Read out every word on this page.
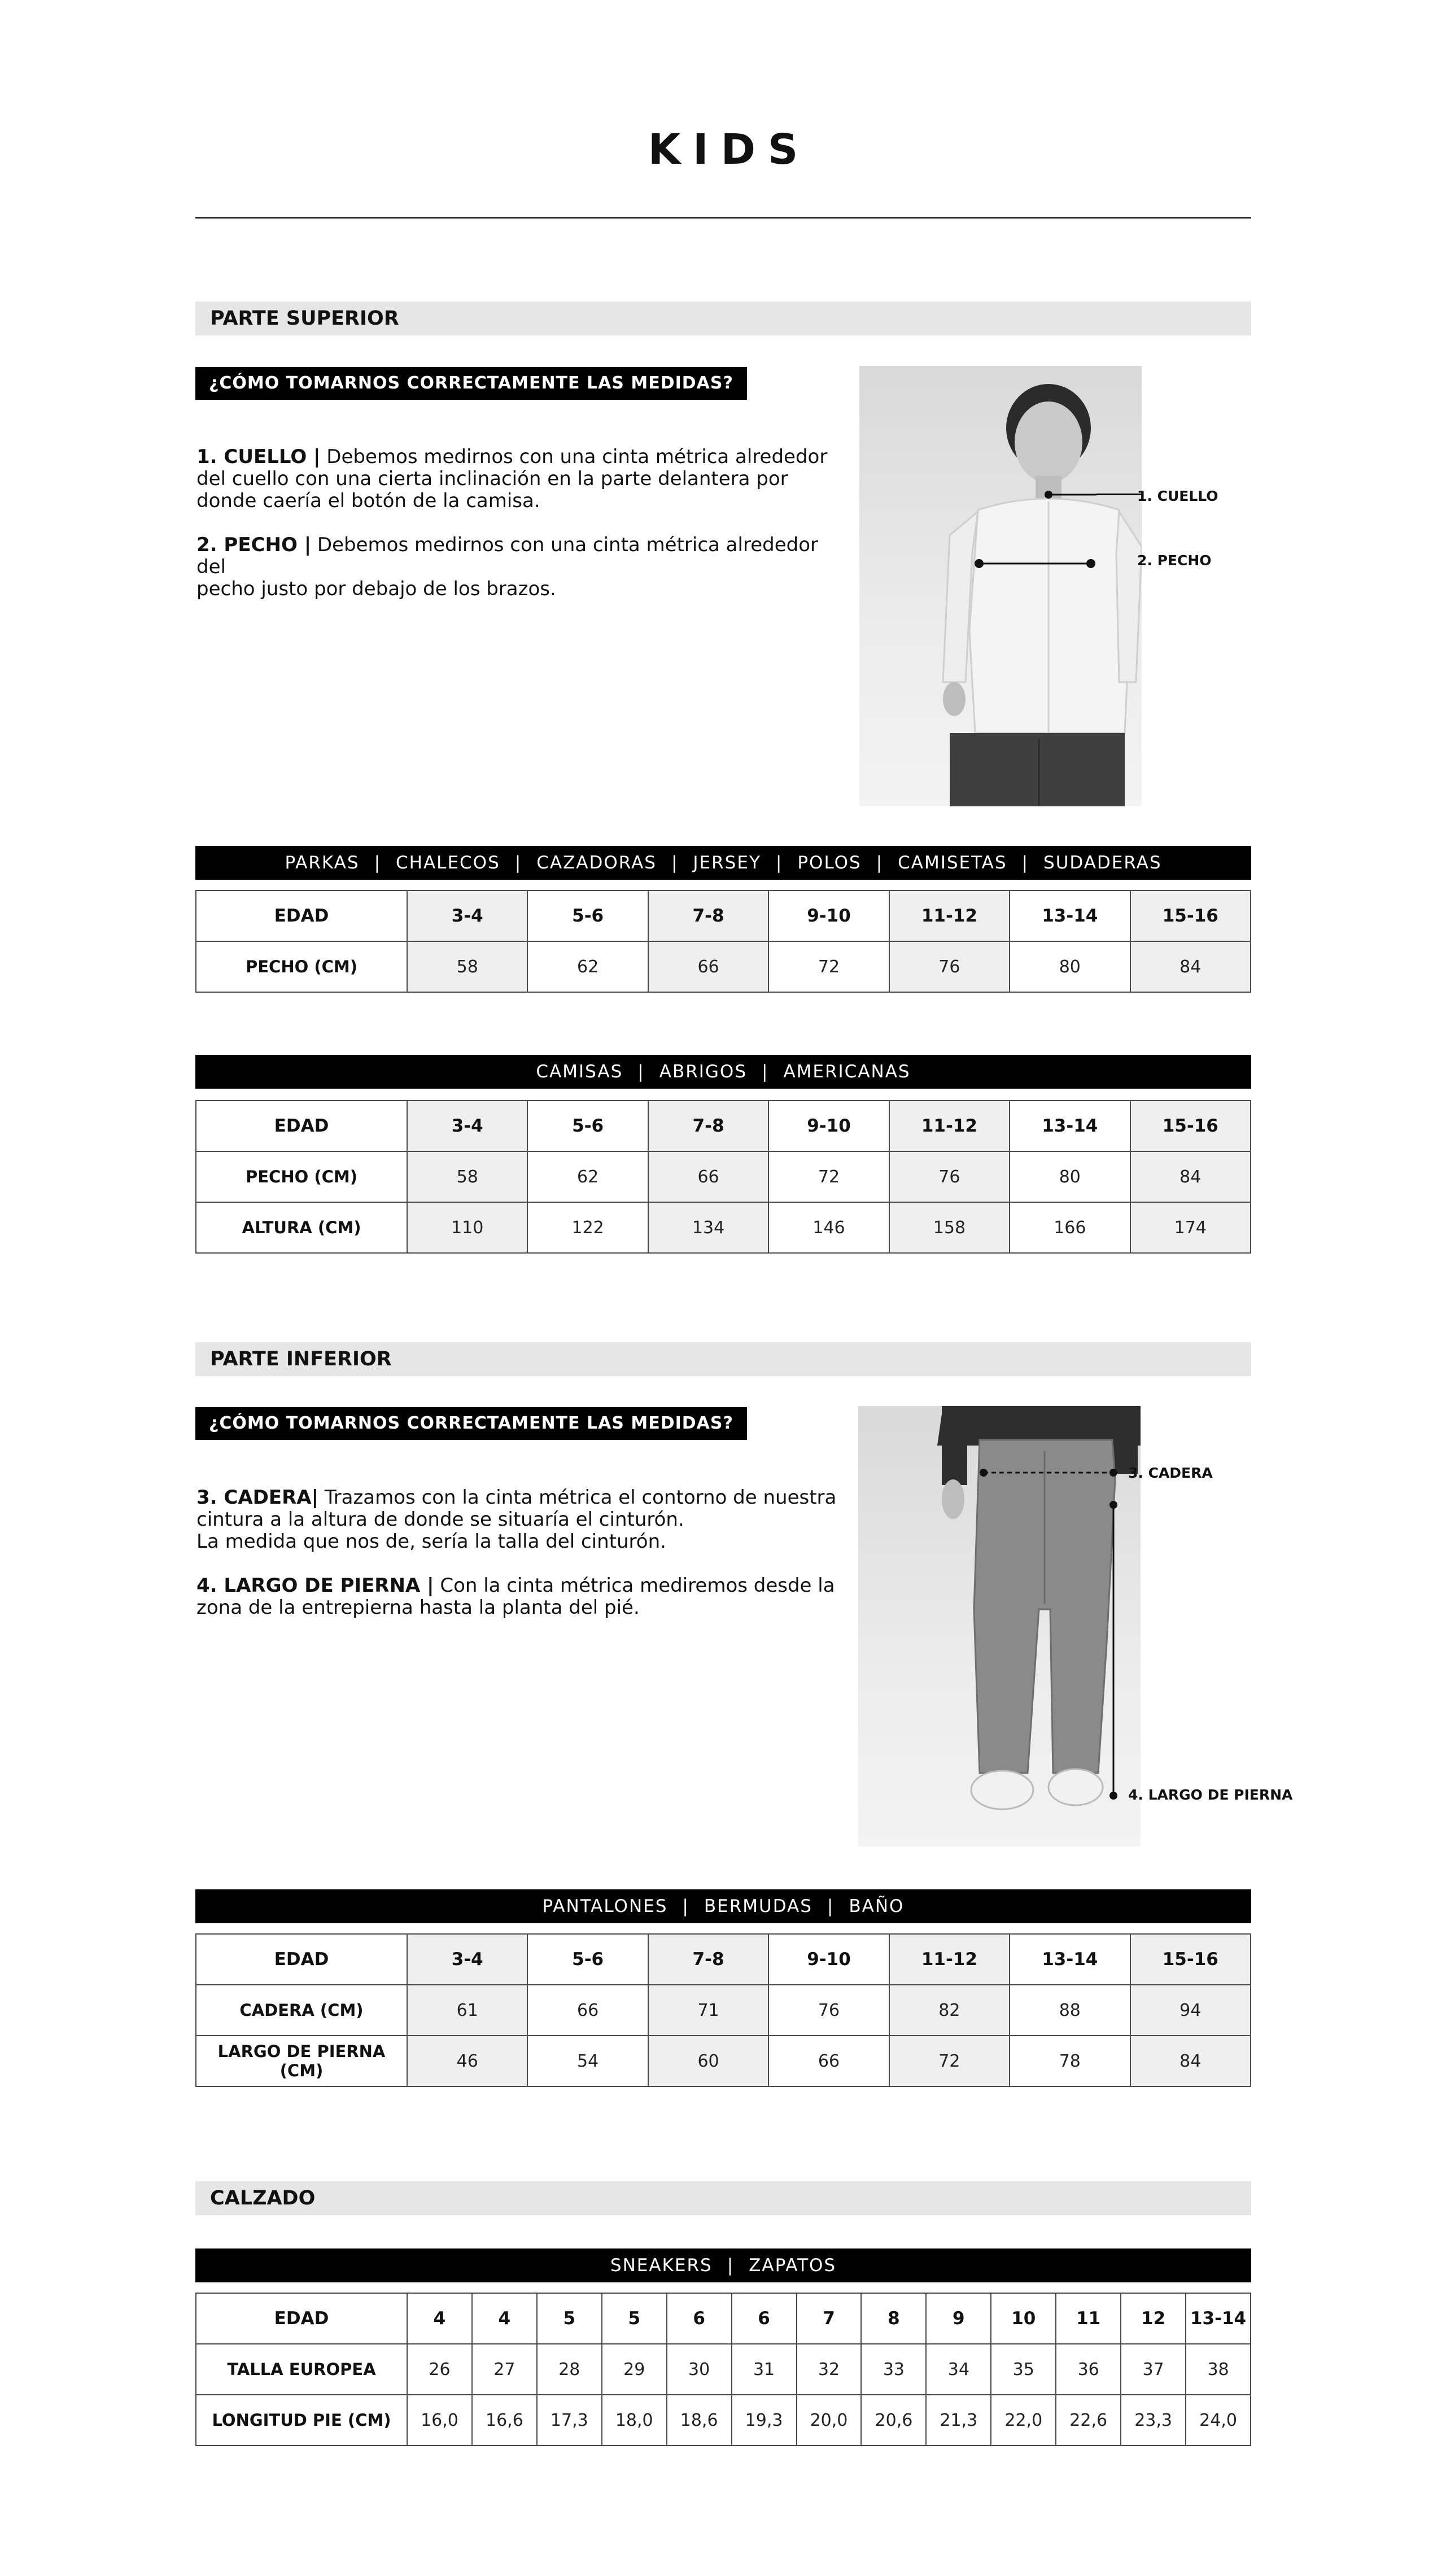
KIDS
PARTE SUPERIOR
¿CÓMO TOMARNOS CORRECTAMENTE LAS MEDIDAS?

1. CUELLO | Debemos medirnos con una cinta métrica alrededor
del cuello con una cierta inclinación en la parte delantera por
donde caería el botón de la camisa.

2. PECHO | Debemos medirnos con una cinta métrica alrededor del
pecho justo por debajo de los brazos.

1. CUELLO
2. PECHO
PARKAS | CHALECOS | CAZADORAS | JERSEY | POLOS | CAMISETAS | SUDADERAS
EDAD	3-4	5-6	7-8	9-10	11-12	13-14	15-16
PECHO (CM)	58	62	66	72	76	80	84
CAMISAS | ABRIGOS | AMERICANAS
EDAD	3-4	5-6	7-8	9-10	11-12	13-14	15-16
PECHO (CM)	58	62	66	72	76	80	84
ALTURA (CM)	110	122	134	146	158	166	174
PARTE INFERIOR
¿CÓMO TOMARNOS CORRECTAMENTE LAS MEDIDAS?

3. CADERA| Trazamos con la cinta métrica el contorno de nuestra
cintura a la altura de donde se situaría el cinturón.
La medida que nos de, sería la talla del cinturón.

4. LARGO DE PIERNA | Con la cinta métrica mediremos desde la
zona de la entrepierna hasta la planta del pié.

3. CADERA
4. LARGO DE PIERNA
PANTALONES | BERMUDAS | BAÑO
EDAD	3-4	5-6	7-8	9-10	11-12	13-14	15-16
CADERA (CM)	61	66	71	76	82	88	94
LARGO DE PIERNA (CM)	46	54	60	66	72	78	84
CALZADO
SNEAKERS | ZAPATOS
EDAD	4	4	5	5	6	6	7	8	9	10	11	12	13-14
TALLA EUROPEA	26	27	28	29	30	31	32	33	34	35	36	37	38
LONGITUD PIE (CM)	16,0	16,6	17,3	18,0	18,6	19,3	20,0	20,6	21,3	22,0	22,6	23,3	24,0
